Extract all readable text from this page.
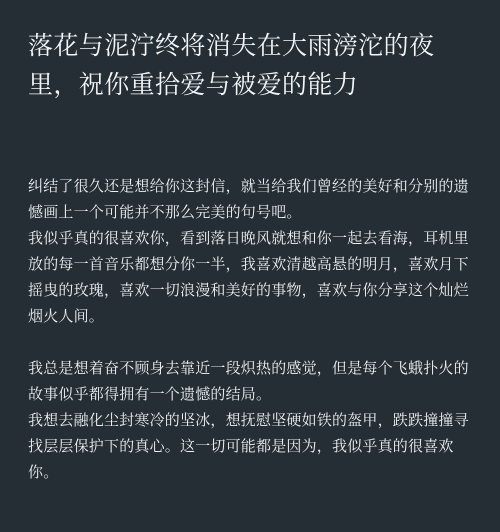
落花与泥泞终将消失在大雨滂沱的夜里，祝你重拾爱与被爱的能力

纠结了很久还是想给你这封信，就当给我们曾经的美好和分别的遗憾画上一个可能并不那么完美的句号吧。

我似乎真的很喜欢你，看到落日晚风就想和你一起去看海，耳机里放的每一首音乐都想分你一半，我喜欢清越高悬的明月，喜欢月下摇曳的玫瑰，喜欢一切浪漫和美好的事物，喜欢与你分享这个灿烂烟火人间。

我总是想着奋不顾身去靠近一段炽热的感觉，但是每个飞蛾扑火的故事似乎都得拥有一个遗憾的结局。

我想去融化尘封寒冷的坚冰，想抚慰坚硬如铁的盔甲，跌跌撞撞寻找层层保护下的真心。这一切可能都是因为，我似乎真的很喜欢你。
